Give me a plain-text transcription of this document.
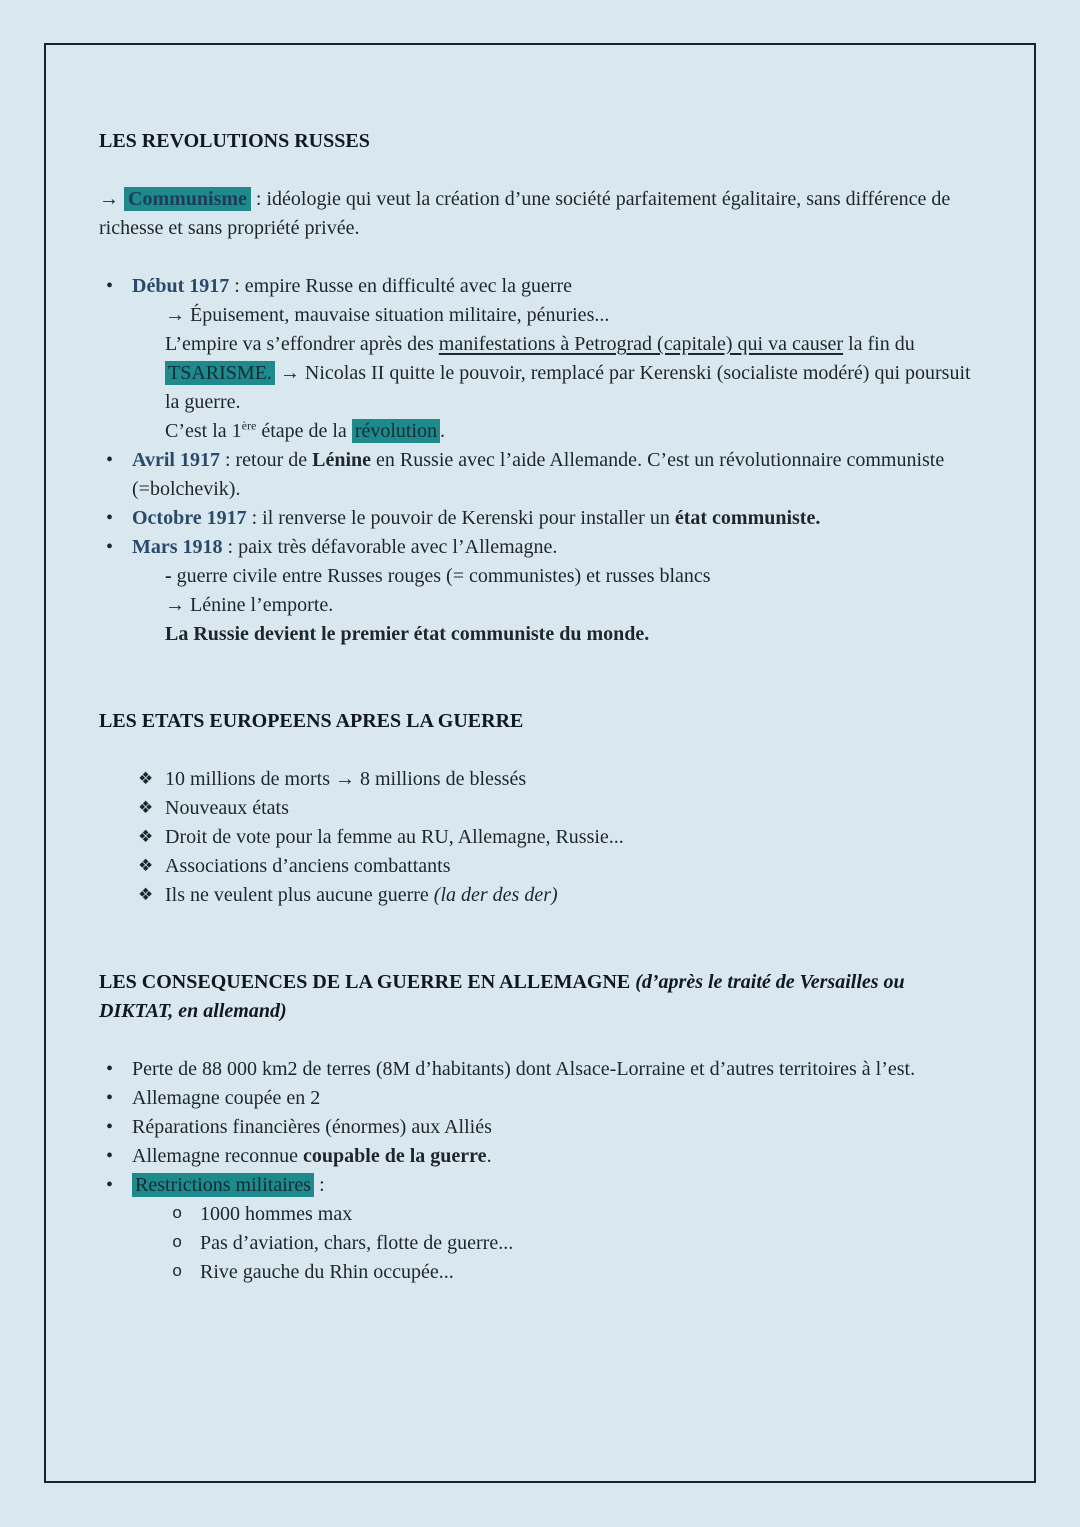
LES REVOLUTIONS RUSSES
→ Communisme : idéologie qui veut la création d’une société parfaitement égalitaire, sans différence de richesse et sans propriété privée.
• Début 1917 : empire Russe en difficulté avec la guerre
→ Épuisement, mauvaise situation militaire, pénuries...
L’empire va s’effondrer après des manifestations à Petrograd (capitale) qui va causer la fin du TSARISME. → Nicolas II quitte le pouvoir, remplacé par Kerenski (socialiste modéré) qui poursuit la guerre.
C’est la 1ère étape de la révolution .
• Avril 1917 : retour de Lénine en Russie avec l’aide Allemande. C’est un révolutionnaire communiste (=bolchevik).
• Octobre 1917 : il renverse le pouvoir de Kerenski pour installer un état communiste.
• Mars 1918 : paix très défavorable avec l’Allemagne.
- guerre civile entre Russes rouges (= communistes) et russes blancs
→ Lénine l’emporte.
La Russie devient le premier état communiste du monde.
LES ETATS EUROPEENS APRES LA GUERRE
❖ 10 millions de morts → 8 millions de blessés
❖ Nouveaux états
❖ Droit de vote pour la femme au RU, Allemagne, Russie...
❖ Associations d’anciens combattants
❖ Ils ne veulent plus aucune guerre (la der des der)
LES CONSEQUENCES DE LA GUERRE EN ALLEMAGNE (d’après le traité de Versailles ou DIKTAT, en allemand)
• Perte de 88 000 km2 de terres (8M d’habitants) dont Alsace-Lorraine et d’autres territoires à l’est.
• Allemagne coupée en 2
• Réparations financières (énormes) aux Alliés
• Allemagne reconnue coupable de la guerre.
•	Restrictions militaires :
o 1000 hommes max
o Pas d’aviation, chars, flotte de guerre...
o Rive gauche du Rhin occupée...
